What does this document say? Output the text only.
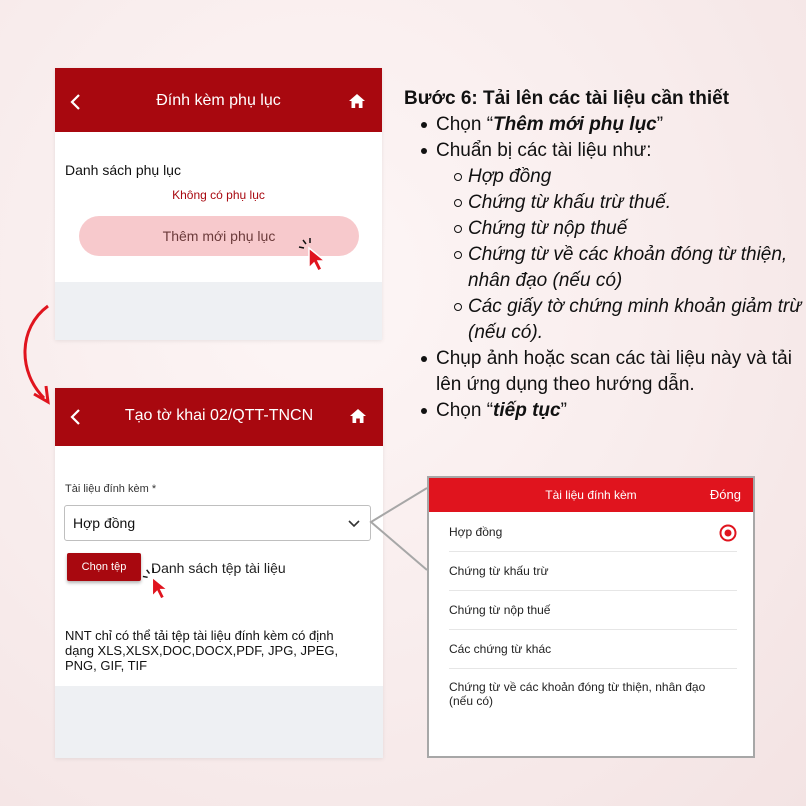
Đính kèm phụ lục
Danh sách phụ lục
Không có phụ lục
Thêm mới phụ lục
Tạo tờ khai 02/QTT-TNCN
Tài liệu đính kèm *
Hợp đồng
Chọn tệp	Danh sách tệp tài liệu
NNT chỉ có thể tải tệp tài liệu đính kèm có định dạng XLS,XLSX,DOC,DOCX,PDF, JPG, JPEG, PNG, GIF, TIF
Bước 6: Tải lên các tài liệu cần thiết
Chọn “Thêm mới phụ lục”
Chuẩn bị các tài liệu như:
Hợp đồng
Chứng từ khấu trừ thuế.
Chứng từ nộp thuế
Chứng từ về các khoản đóng từ thiện, nhân đạo (nếu có)
Các giấy tờ chứng minh khoản giảm trừ (nếu có).
Chụp ảnh hoặc scan các tài liệu này và tải lên ứng dụng theo hướng dẫn.
Chọn “tiếp tục”
Tài liệu đính kèm	Đóng
Hợp đồng
Chứng từ khấu trừ
Chứng từ nộp thuế
Các chứng từ khác
Chứng từ về các khoản đóng từ thiện, nhân đạo (nếu có)
